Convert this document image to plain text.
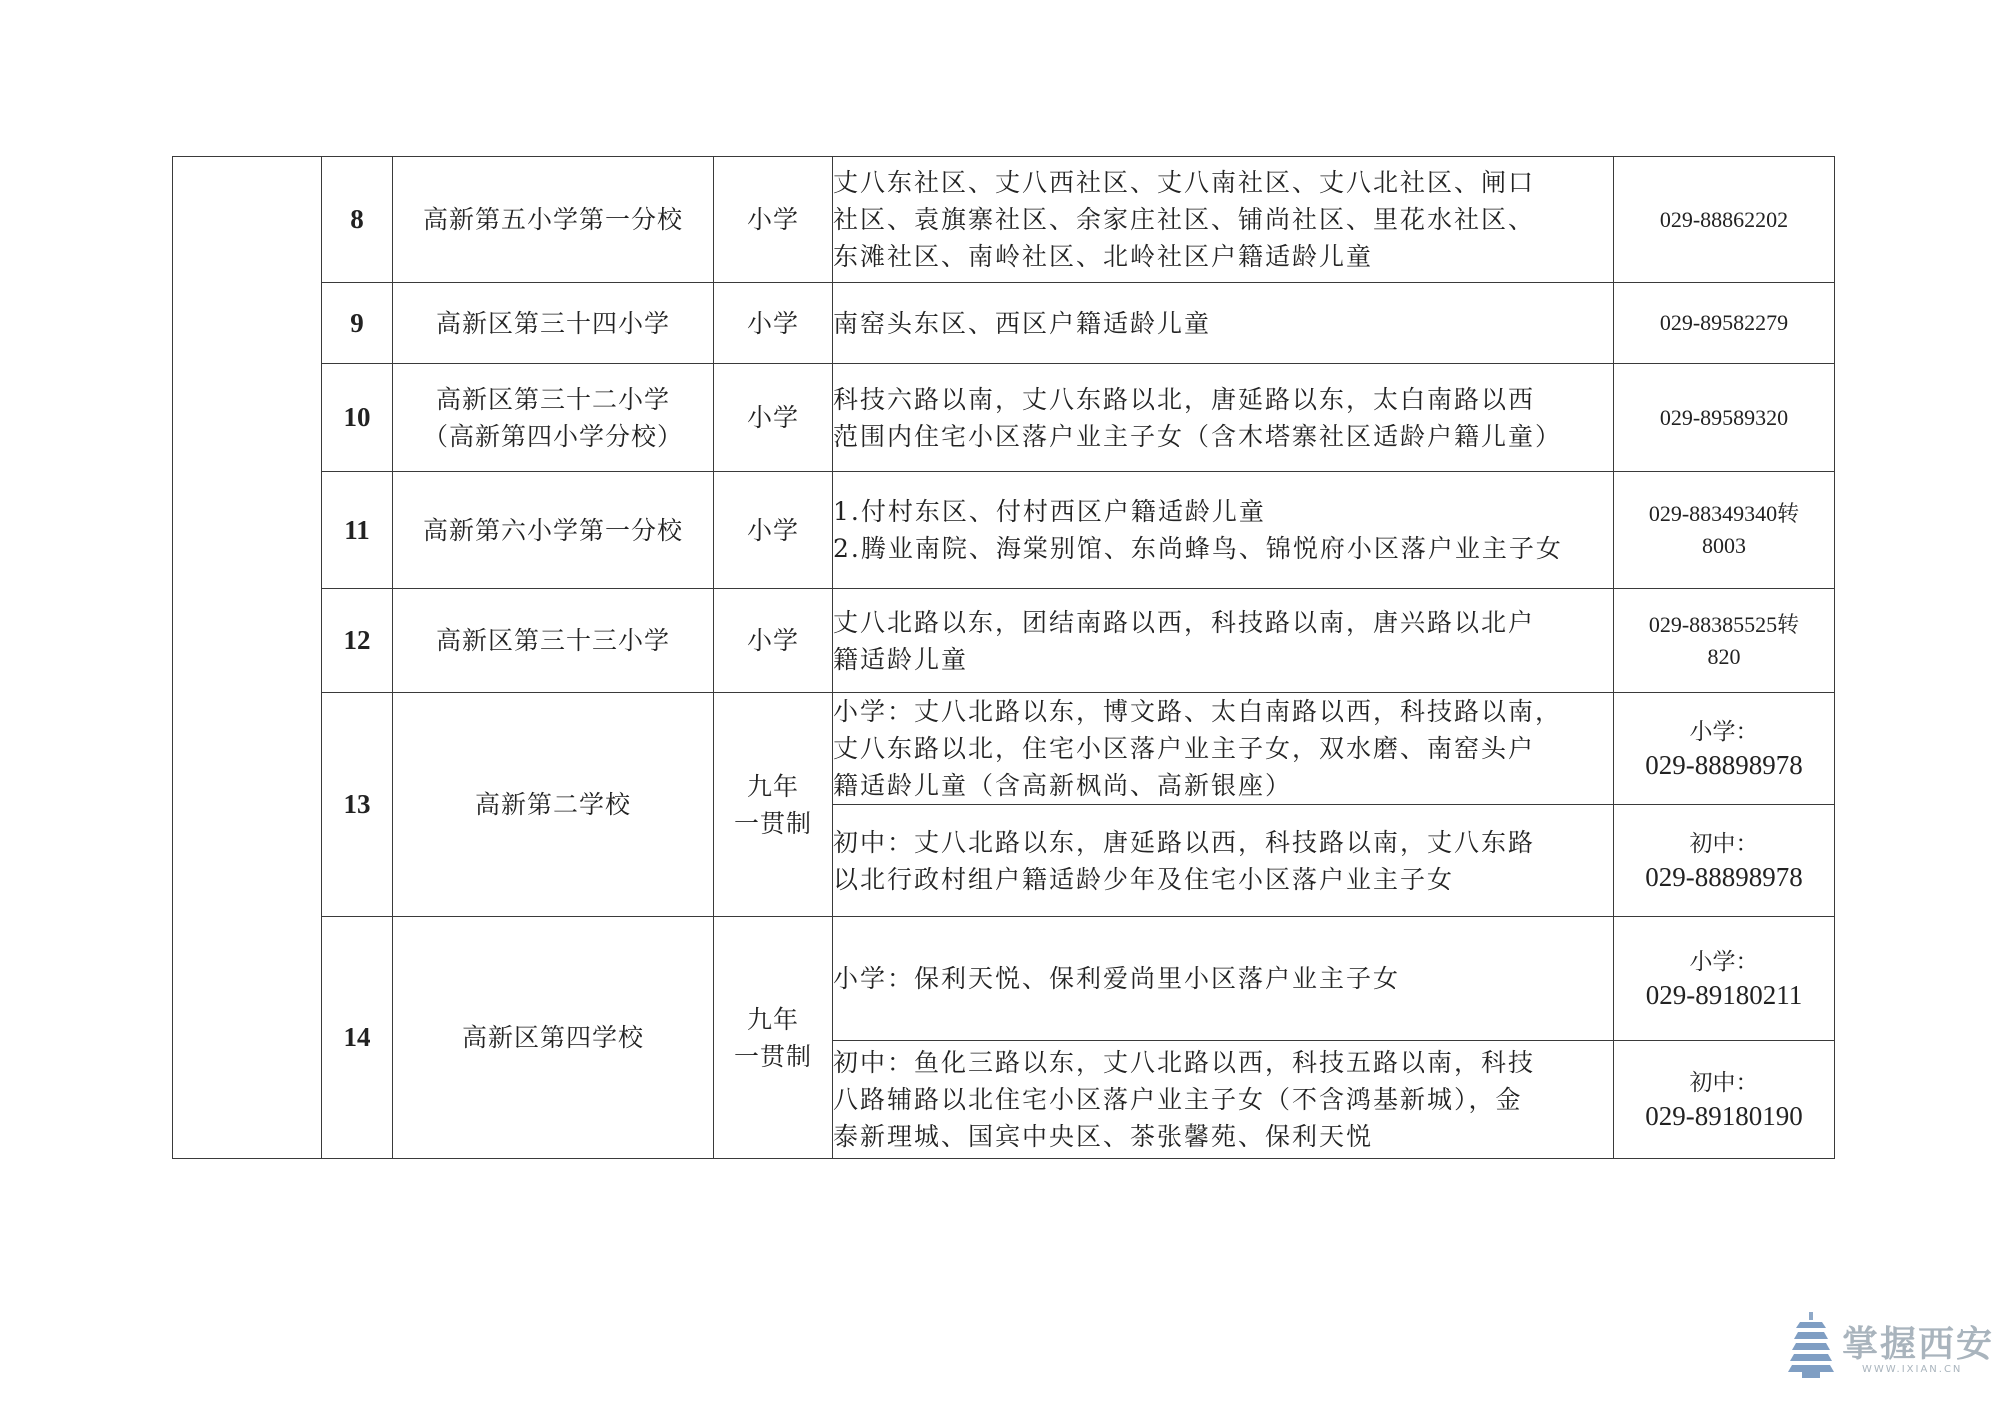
	8	高新第五小学第一分校	小学	丈八东社区、丈八西社区、丈八南社区、丈八北社区、闸口
社区、袁旗寨社区、余家庄社区、铺尚社区、里花水社区、
东滩社区、南岭社区、北岭社区户籍适龄儿童	029-88862202

	9	高新区第三十四小学	小学	南窑头东区、西区户籍适龄儿童	029-89582279

	10	高新区第三十二小学
（高新第四小学分校）	小学	科技六路以南，丈八东路以北，唐延路以东，太白南路以西
范围内住宅小区落户业主子女（含木塔寨社区适龄户籍儿童）	029-89589320

	11	高新第六小学第一分校	小学	1.付村东区、付村西区户籍适龄儿童
2.腾业南院、海棠别馆、东尚蜂鸟、锦悦府小区落户业主子女	029-88349340转
8003

	12	高新区第三十三小学	小学	丈八北路以东，团结南路以西，科技路以南，唐兴路以北户
籍适龄儿童	029-88385525转
820

	13	高新第二学校	九年
一贯制	小学：丈八北路以东，博文路、太白南路以西，科技路以南，
丈八东路以北，住宅小区落户业主子女，双水磨、南窑头户
籍适龄儿童（含高新枫尚、高新银座）	小学：
029-88898978

				初中：丈八北路以东，唐延路以西，科技路以南，丈八东路
以北行政村组户籍适龄少年及住宅小区落户业主子女	初中：
029-88898978

	14	高新区第四学校	九年
一贯制	小学：保利天悦、保利爱尚里小区落户业主子女	小学：
029-89180211

				初中：鱼化三路以东，丈八北路以西，科技五路以南，科技
八路辅路以北住宅小区落户业主子女（不含鸿基新城），金
泰新理城、国宾中央区、茶张馨苑、保利天悦	初中：
029-89180190
掌握西安
WWW.IXIAN.CN
